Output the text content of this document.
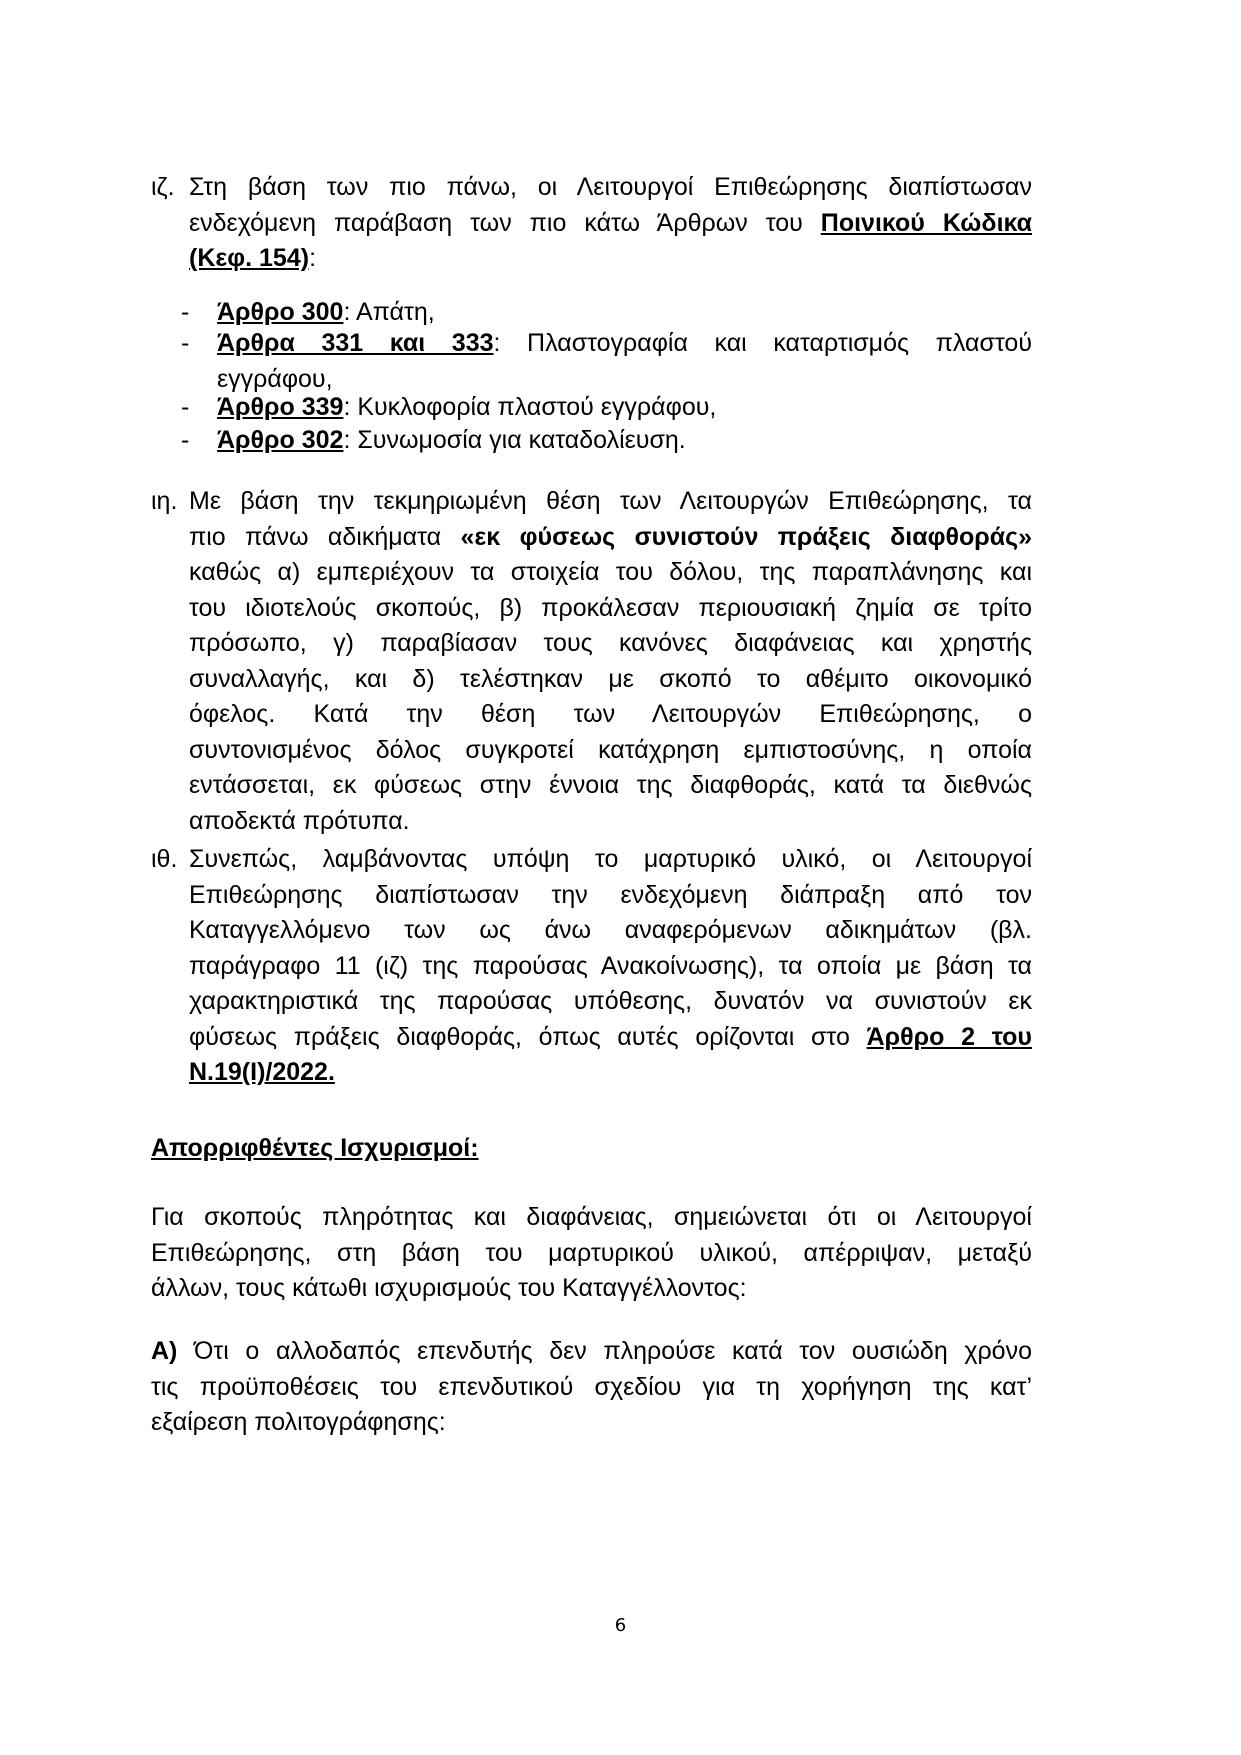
ιζ. Στη βάση των πιο πάνω, οι Λειτουργοί Επιθεώρησης διαπίστωσαν
ενδεχόμενη παράβαση των πιο κάτω Άρθρων του Ποινικού Κώδικα
(Κεφ. 154):
- Άρθρο 300: Απάτη,
- Άρθρα 331 και 333: Πλαστογραφία και καταρτισμός πλαστού
εγγράφου,
- Άρθρο 339: Κυκλοφορία πλαστού εγγράφου,
- Άρθρο 302: Συνωμοσία για καταδολίευση.
ιη. Με βάση την τεκμηριωμένη θέση των Λειτουργών Επιθεώρησης, τα
πιο πάνω αδικήματα «εκ φύσεως συνιστούν πράξεις διαφθοράς»
καθώς α) εμπεριέχουν τα στοιχεία του δόλου, της παραπλάνησης και
του ιδιοτελούς σκοπούς, β) προκάλεσαν περιουσιακή ζημία σε τρίτο
πρόσωπο, γ) παραβίασαν τους κανόνες διαφάνειας και χρηστής
συναλλαγής, και δ) τελέστηκαν με σκοπό το αθέμιτο οικονομικό
όφελος. Κατά την θέση των Λειτουργών Επιθεώρησης, ο
συντονισμένος δόλος συγκροτεί κατάχρηση εμπιστοσύνης, η οποία
εντάσσεται, εκ φύσεως στην έννοια της διαφθοράς, κατά τα διεθνώς
αποδεκτά πρότυπα.
ιθ. Συνεπώς, λαμβάνοντας υπόψη το μαρτυρικό υλικό, οι Λειτουργοί
Επιθεώρησης διαπίστωσαν την ενδεχόμενη διάπραξη από τον
Καταγγελλόμενο των ως άνω αναφερόμενων αδικημάτων (βλ.
παράγραφο 11 (ιζ) της παρούσας Ανακοίνωσης), τα οποία με βάση τα
χαρακτηριστικά της παρούσας υπόθεσης, δυνατόν να συνιστούν εκ
φύσεως πράξεις διαφθοράς, όπως αυτές ορίζονται στο Άρθρο 2 του
Ν.19(Ι)/2022.
Απορριφθέντες Ισχυρισμοί:
Για σκοπούς πληρότητας και διαφάνειας, σημειώνεται ότι οι Λειτουργοί
Επιθεώρησης, στη βάση του μαρτυρικού υλικού, απέρριψαν, μεταξύ
άλλων, τους κάτωθι ισχυρισμούς του Καταγγέλλοντος:
Α) Ότι ο αλλοδαπός επενδυτής δεν πληρούσε κατά τον ουσιώδη χρόνο
τις προϋποθέσεις του επενδυτικού σχεδίου για τη χορήγηση της κατ’
εξαίρεση πολιτογράφησης:
6
